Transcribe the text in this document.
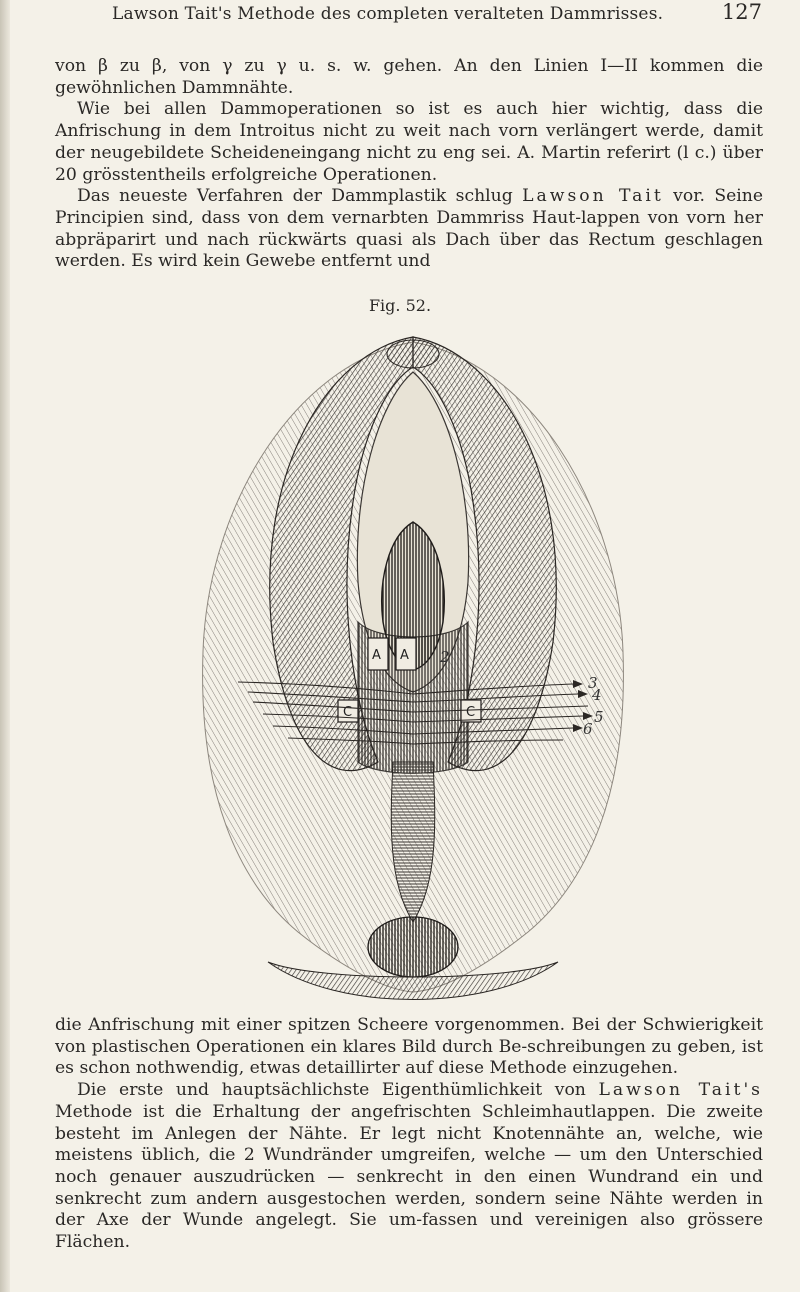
Lawson Tait's Methode des completen veralteten Dammrisses.	127

von β zu β, von γ zu γ u. s. w. gehen. An den Linien I—II kommen die gewöhnlichen Dammnähte.

Wie bei allen Dammoperationen so ist es auch hier wichtig, dass die Anfrischung in dem Introitus nicht zu weit nach vorn verlängert werde, damit der neugebildete Scheideneingang nicht zu eng sei. A. Martin referirt (l c.) über 20 grösstentheils erfolgreiche Operationen.

Das neueste Verfahren der Dammplastik schlug Lawson Tait vor. Seine Principien sind, dass von dem vernarbten Dammriss Haut-lappen von vorn her abpräparirt und nach rückwärts quasi als Dach über das Rectum geschlagen werden. Es wird kein Gewebe entfernt und

Fig. 52.
A A 2
C	C
3
4
5
6

die Anfrischung mit einer spitzen Scheere vorgenommen. Bei der Schwierigkeit von plastischen Operationen ein klares Bild durch Be-schreibungen zu geben, ist es schon nothwendig, etwas detaillirter auf diese Methode einzugehen.

Die erste und hauptsächlichste Eigenthümlichkeit von Lawson Tait's Methode ist die Erhaltung der angefrischten Schleimhautlappen. Die zweite besteht im Anlegen der Nähte. Er legt nicht Knotennähte an, welche, wie meistens üblich, die 2 Wundränder umgreifen, welche — um den Unterschied noch genauer auszudrücken — senkrecht in den einen Wundrand ein und senkrecht zum andern ausgestochen werden, sondern seine Nähte werden in der Axe der Wunde angelegt. Sie um-fassen und vereinigen also grössere Flächen.
